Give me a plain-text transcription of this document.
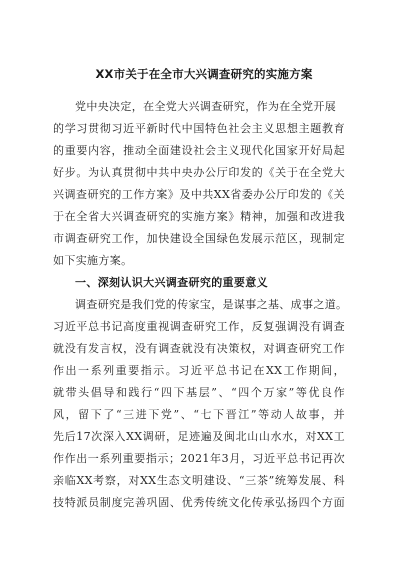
XX市关于在全市大兴调查研究的实施方案
党中央决定，在全党大兴调查研究，作为在全党开展
的学习贯彻习近平新时代中国特色社会主义思想主题教育
的重要内容，推动全面建设社会主义现代化国家开好局起
好步。为认真贯彻中共中央办公厅印发的《关于在全党大
兴调查研究的工作方案》及中共XX省委办公厅印发的《关
于在全省大兴调查研究的实施方案》精神，加强和改进我
市调查研究工作，加快建设全国绿色发展示范区，现制定
如下实施方案。
一、深刻认识大兴调查研究的重要意义
调查研究是我们党的传家宝，是谋事之基、成事之道。
习近平总书记高度重视调查研究工作，反复强调没有调查
就没有发言权，没有调查就没有决策权，对调查研究工作
作出一系列重要指示。习近平总书记在XX工作期间，
就带头倡导和践行“四下基层”、“四个万家”等优良作
风，留下了“三进下党”、“七下晋江”等动人故事，并
先后17次深入XX调研，足迹遍及闽北山山水水，对XX工
作作出一系列重要指示；2021年3月，习近平总书记再次
亲临XX考察，对XX生态文明建设、“三茶”统筹发展、科
技特派员制度完善巩固、优秀传统文化传承弘扬四个方面
